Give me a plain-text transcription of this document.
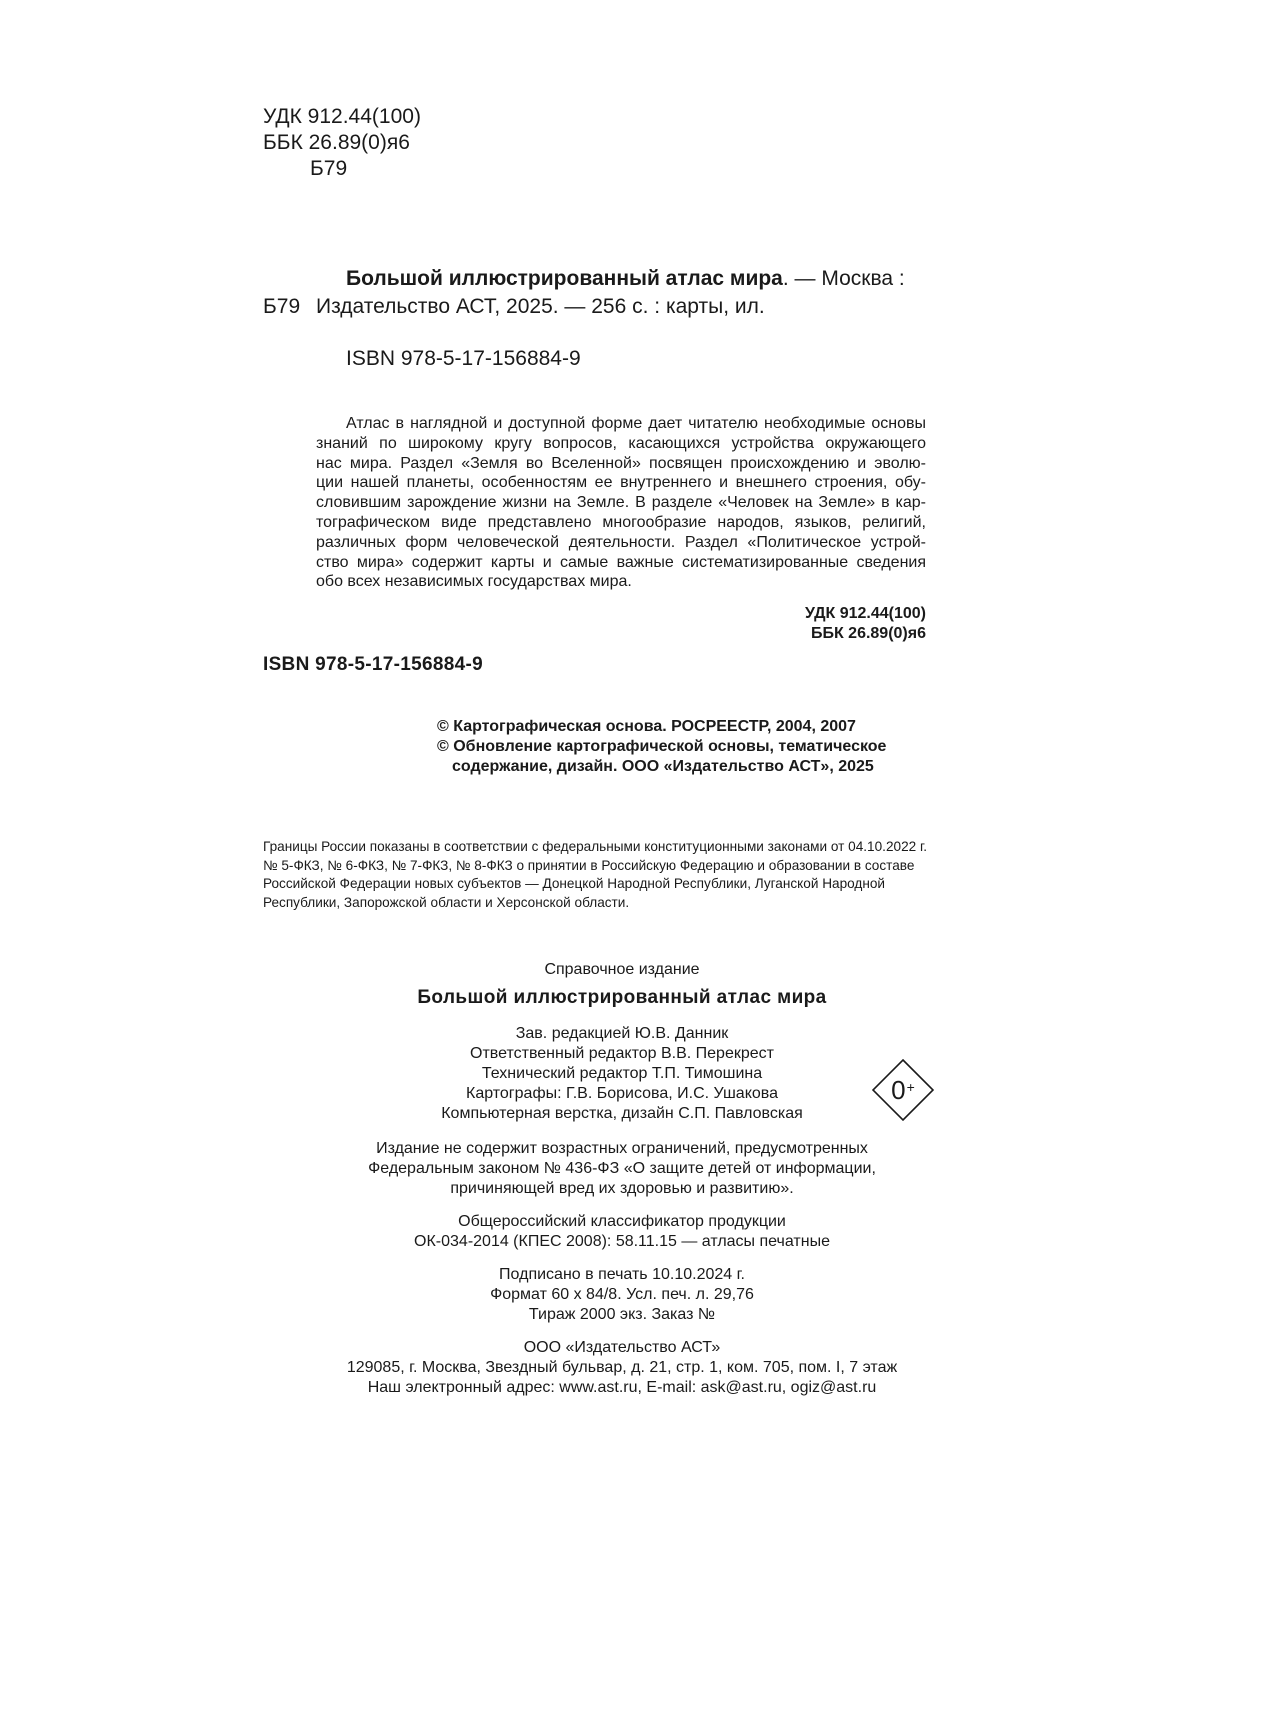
УДК 912.44(100)
ББК 26.89(0)я6
Б79
Большой иллюстрированный атлас мира. — Москва :
Б79 Издательство АСТ, 2025. — 256 с. : карты, ил.
ISBN 978-5-17-156884-9
Атлас в наглядной и доступной форме дает читателю необходимые основы
знаний по широкому кругу вопросов, касающихся устройства окружающего
нас мира. Раздел «Земля во Вселенной» посвящен происхождению и эволю-
ции нашей планеты, особенностям ее внутреннего и внешнего строения, обу-
словившим зарождение жизни на Земле. В разделе «Человек на Земле» в кар-
тографическом виде представлено многообразие народов, языков, религий,
различных форм человеческой деятельности. Раздел «Политическое устрой-
ство мира» содержит карты и самые важные систематизированные сведения
обо всех независимых государствах мира.
УДК 912.44(100)
ББК 26.89(0)я6
ISBN 978-5-17-156884-9
© Картографическая основа. РОСРЕЕСТР, 2004, 2007
© Обновление картографической основы, тематическое
содержание, дизайн. ООО «Издательство АСТ», 2025
Границы России показаны в соответствии с федеральными конституционными законами от 04.10.2022 г.
№ 5-ФКЗ, № 6-ФКЗ, № 7-ФКЗ, № 8-ФКЗ о принятии в Российскую Федерацию и образовании в составе
Российской Федерации новых субъектов — Донецкой Народной Республики, Луганской Народной
Республики, Запорожской области и Херсонской области.
Справочное издание
Большой иллюстрированный атлас мира
Зав. редакцией Ю.В. Данник
Ответственный редактор В.В. Перекрест
Технический редактор Т.П. Тимошина
Картографы: Г.В. Борисова, И.С. Ушакова
Компьютерная верстка, дизайн С.П. Павловская
0+
Издание не содержит возрастных ограничений, предусмотренных
Федеральным законом № 436-ФЗ «О защите детей от информации,
причиняющей вред их здоровью и развитию».
Общероссийский классификатор продукции
ОК-034-2014 (КПЕС 2008): 58.11.15 — атласы печатные
Подписано в печать 10.10.2024 г.
Формат 60 х 84/8. Усл. печ. л. 29,76
Тираж 2000 экз. Заказ №
ООО «Издательство АСТ»
129085, г. Москва, Звездный бульвар, д. 21, стр. 1, ком. 705, пом. I, 7 этаж
Наш электронный адрес: www.ast.ru, E-mail: ask@ast.ru, ogiz@ast.ru
